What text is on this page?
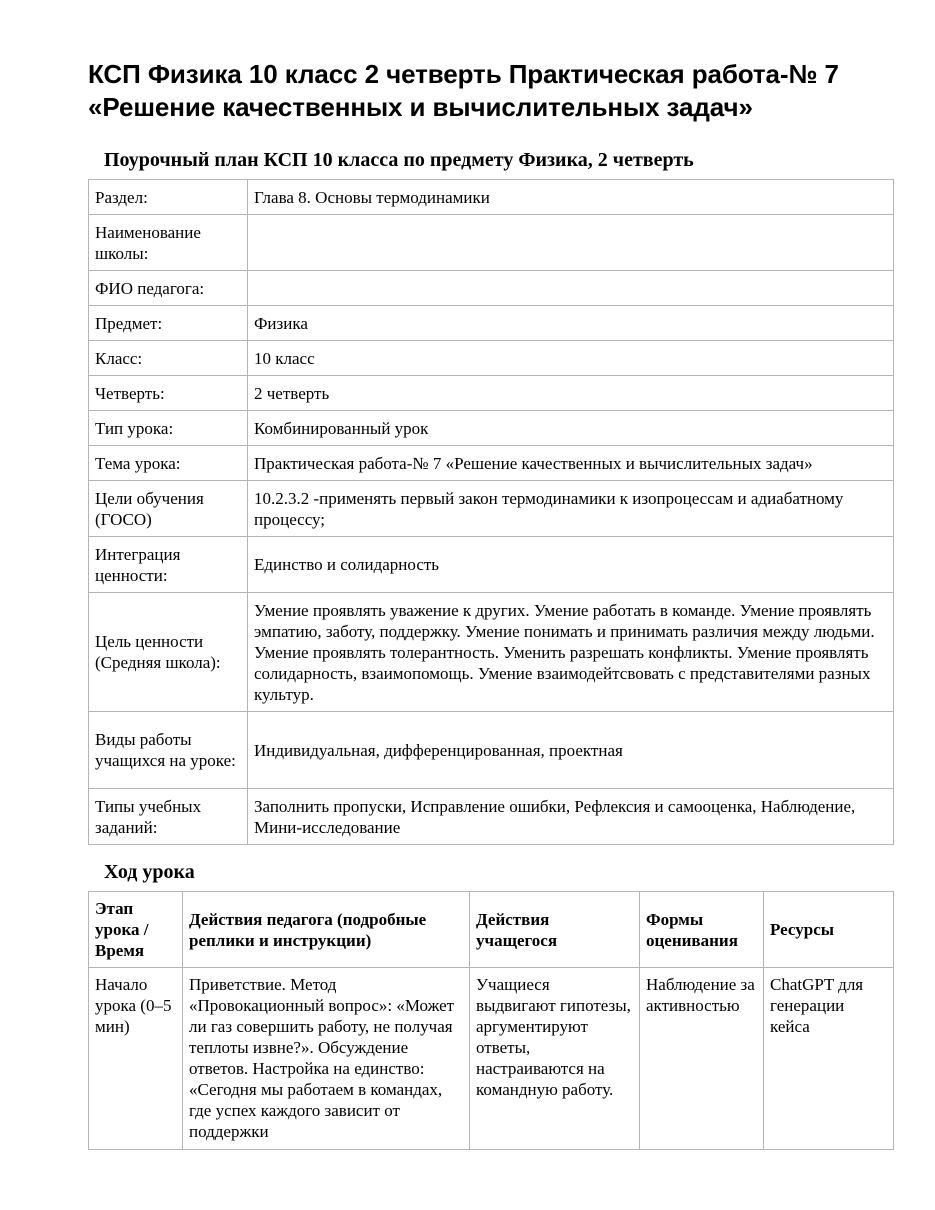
КСП Физика 10 класс 2 четверть Практическая работа-№ 7 «Решение качественных и вычислительных задач»
Поурочный план КСП 10 класса по предмету Физика, 2 четверть
Раздел:	Глава 8. Основы термодинамики
Наименование школы:	
ФИО педагога:	
Предмет:	Физика
Класс:	10 класс
Четверть:	2 четверть
Тип урока:	Комбинированный урок
Тема урока:	Практическая работа-№ 7 «Решение качественных и вычислительных задач»
Цели обучения (ГОСО)	10.2.3.2 -применять первый закон термодинамики к изопроцессам и адиабатному процессу;
Интеграция ценности:	Единство и солидарность
Цель ценности (Средняя школа):	Умение проявлять уважение к других. Умение работать в команде. Умение проявлять эмпатию, заботу, поддержку. Умение понимать и принимать различия между людьми. Умение проявлять толерантность. Уменить разрешать конфликты. Умение проявлять солидарность, взаимопомощь. Умение взаимодейтсвовать с представителями разных культур.
Виды работы учащихся на уроке:	Индивидуальная, дифференцированная, проектная
Типы учебных заданий:	Заполнить пропуски, Исправление ошибки, Рефлексия и самооценка, Наблюдение, Мини-исследование
Ход урока
Этап урока / Время	Действия педагога (подробные реплики и инструкции)	Действия учащегося	Формы оценивания	Ресурсы
Начало урока (0–5 мин)	Приветствие. Метод «Провокационный вопрос»: «Может ли газ совершить работу, не получая теплоты извне?». Обсуждение ответов. Настройка на единство: «Сегодня мы работаем в командах, где успех каждого зависит от поддержки	Учащиеся выдвигают гипотезы, аргументируют ответы, настраиваются на командную работу.	Наблюдение за активностью	ChatGPT для генерации кейса
